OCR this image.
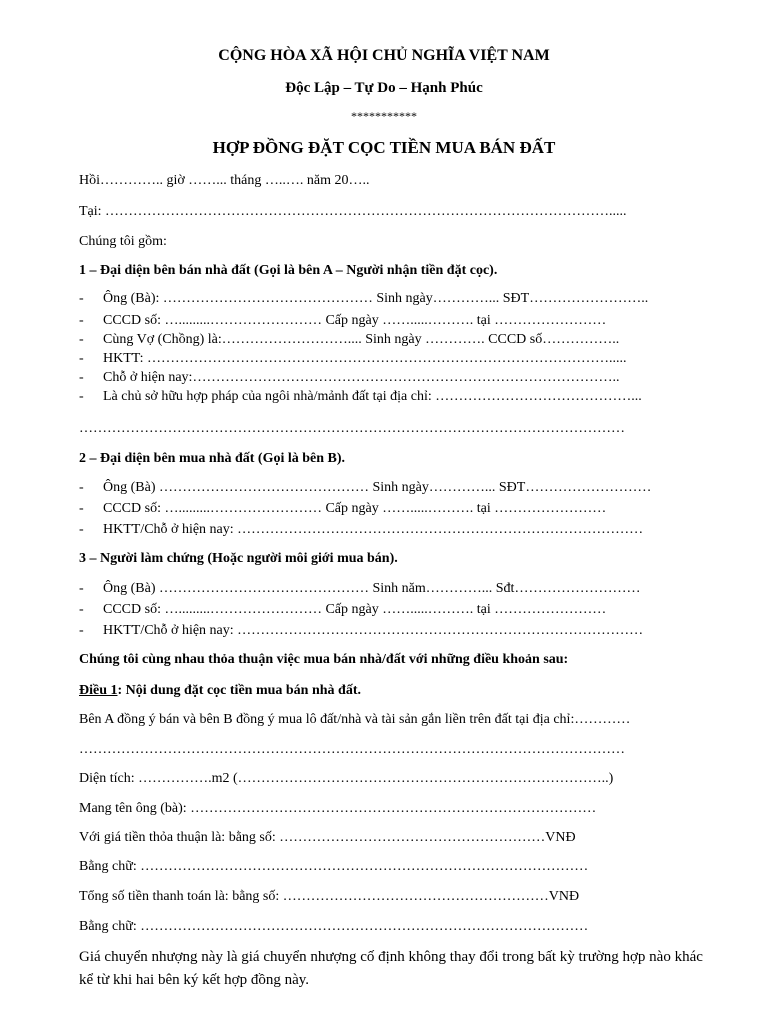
CỘNG HÒA XÃ HỘI CHỦ NGHĨA VIỆT NAM
Độc Lập – Tự Do – Hạnh Phúc
***********
HỢP ĐỒNG ĐẶT CỌC TIỀN MUA BÁN ĐẤT
Hồi………….. giờ ……... tháng …..…. năm 20…..
Tại: ……………………………………………………………………………………………….....
Chúng tôi gồm:
1 – Đại diện bên bán nhà đất (Gọi là bên A – Người nhận tiền đặt cọc).
- Ông (Bà): ……………………………………… Sinh ngày…………... SĐT……………………..
- CCCD số: ….........…………………… Cấp ngày …….....………. tại ……………………
- Cùng Vợ (Chồng) là:……………………….... Sinh ngày …………. CCCD số……………..
- HKTT: ……………………………………………………………………………………….....
- Chỗ ở hiện nay:………………………………………………………………………………..
- Là chủ sở hữu hợp pháp của ngôi nhà/mảnh đất tại địa chỉ: ……………………………………...
………………………………………………………………………………………………………
2 – Đại diện bên mua nhà đất (Gọi là bên B).
- Ông (Bà) ……………………………………… Sinh ngày…………... SĐT………………………
- CCCD số: ….........…………………… Cấp ngày …….....………. tại ……………………
- HKTT/Chỗ ở hiện nay: ……………………………………………………………………………
3 – Người làm chứng (Hoặc người môi giới mua bán).
- Ông (Bà) ……………………………………… Sinh năm…………... Sđt………………………
- CCCD số: ….........…………………… Cấp ngày …….....………. tại ……………………
- HKTT/Chỗ ở hiện nay: ……………………………………………………………………………
Chúng tôi cùng nhau thỏa thuận việc mua bán nhà/đất với những điều khoản sau:
Điều 1: Nội dung đặt cọc tiền mua bán nhà đất.
Bên A đồng ý bán và bên B đồng ý mua lô đất/nhà và tài sản gắn liền trên đất tại địa chỉ:…………
………………………………………………………………………………………………………
Diện tích: …………….m2 (……………………………………………………………………..)
Mang tên ông (bà): ……………………………………………………………………………
Với giá tiền thỏa thuận là: bằng số: …………………………………………………VNĐ
Bằng chữ: ……………………………………………………………………………………
Tổng số tiền thanh toán là: bằng số: …………………………………………………VNĐ
Bằng chữ: ……………………………………………………………………………………
Giá chuyển nhượng này là giá chuyển nhượng cố định không thay đổi trong bất kỳ trường hợp nào khác kể từ khi hai bên ký kết hợp đồng này.
